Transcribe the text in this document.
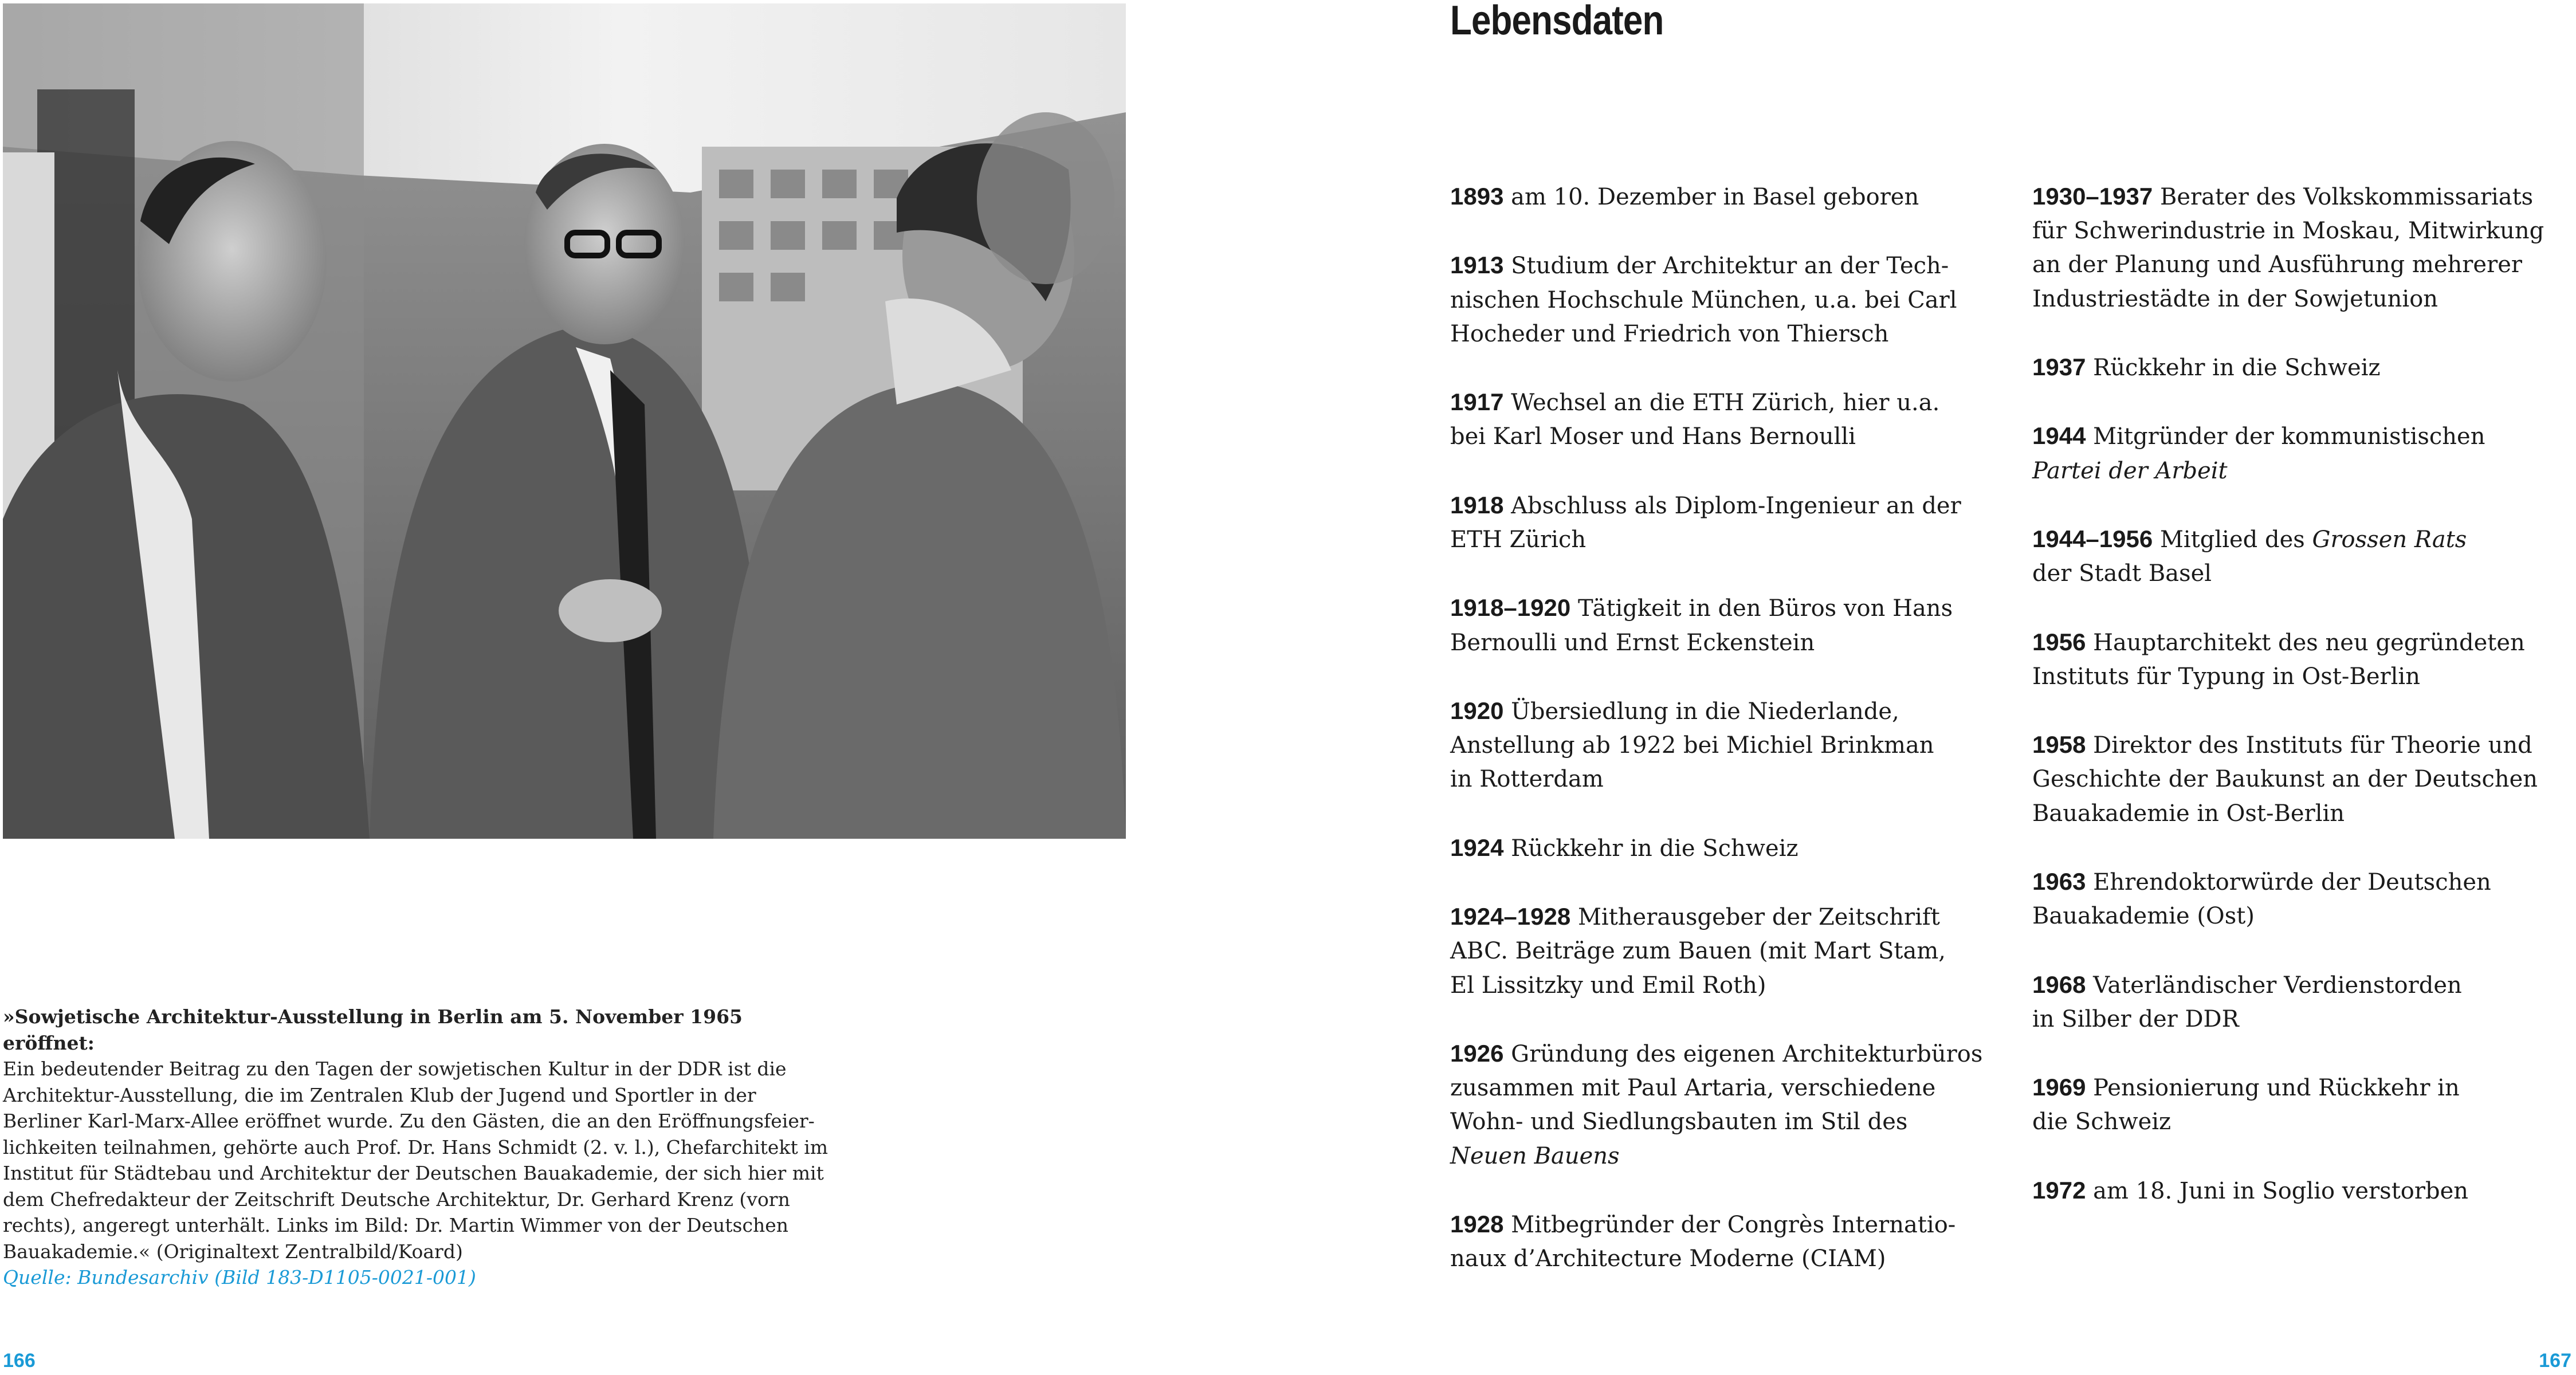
»Sowjetische Architektur-Ausstellung in Berlin am 5. November 1965 eröffnet:
Ein bedeutender Beitrag zu den Tagen der sowjetischen Kultur in der DDR ist die
Architektur-Ausstellung, die im Zentralen Klub der Jugend und Sportler in der
Berliner Karl-Marx-Allee eröffnet wurde. Zu den Gästen, die an den Eröffnungsfeier-
lichkeiten teilnahmen, gehörte auch Prof. Dr. Hans Schmidt (2. v. l.), Chefarchitekt im
Institut für Städtebau und Architektur der Deutschen Bauakademie, der sich hier mit
dem Chefredakteur der Zeitschrift Deutsche Architektur, Dr. Gerhard Krenz (vorn
rechts), angeregt unterhält. Links im Bild: Dr. Martin Wimmer von der Deutschen
Bauakademie.« (Originaltext Zentralbild/Koard)
Quelle: Bundesarchiv (Bild 183-D1105-0021-001)
166
Lebensdaten
1893 am 10. Dezember in Basel geboren
1913 Studium der Architektur an der Tech-
nischen Hochschule München, u.a. bei Carl
Hocheder und Friedrich von Thiersch
1917 Wechsel an die ETH Zürich, hier u.a.
bei Karl Moser und Hans Bernoulli
1918 Abschluss als Diplom-Ingenieur an der
ETH Zürich
1918–1920 Tätigkeit in den Büros von Hans
Bernoulli und Ernst Eckenstein
1920 Übersiedlung in die Niederlande,
Anstellung ab 1922 bei Michiel Brinkman
in Rotterdam
1924 Rückkehr in die Schweiz
1924–1928 Mitherausgeber der Zeitschrift
ABC. Beiträge zum Bauen (mit Mart Stam,
El Lissitzky und Emil Roth)
1926 Gründung des eigenen Architekturbüros
zusammen mit Paul Artaria, verschiedene
Wohn- und Siedlungsbauten im Stil des
Neuen Bauens
1928 Mitbegründer der Congrès Internatio-
naux d’Architecture Moderne (CIAM)
1930–1937 Berater des Volkskommissariats
für Schwerindustrie in Moskau, Mitwirkung
an der Planung und Ausführung mehrerer
Industriestädte in der Sowjetunion
1937 Rückkehr in die Schweiz
1944 Mitgründer der kommunistischen
Partei der Arbeit
1944–1956 Mitglied des Grossen Rats
der Stadt Basel
1956 Hauptarchitekt des neu gegründeten
Instituts für Typung in Ost-Berlin
1958 Direktor des Instituts für Theorie und
Geschichte der Baukunst an der Deutschen
Bauakademie in Ost-Berlin
1963 Ehrendoktorwürde der Deutschen
Bauakademie (Ost)
1968 Vaterländischer Verdienstorden
in Silber der DDR
1969 Pensionierung und Rückkehr in
die Schweiz
1972 am 18. Juni in Soglio verstorben
167
